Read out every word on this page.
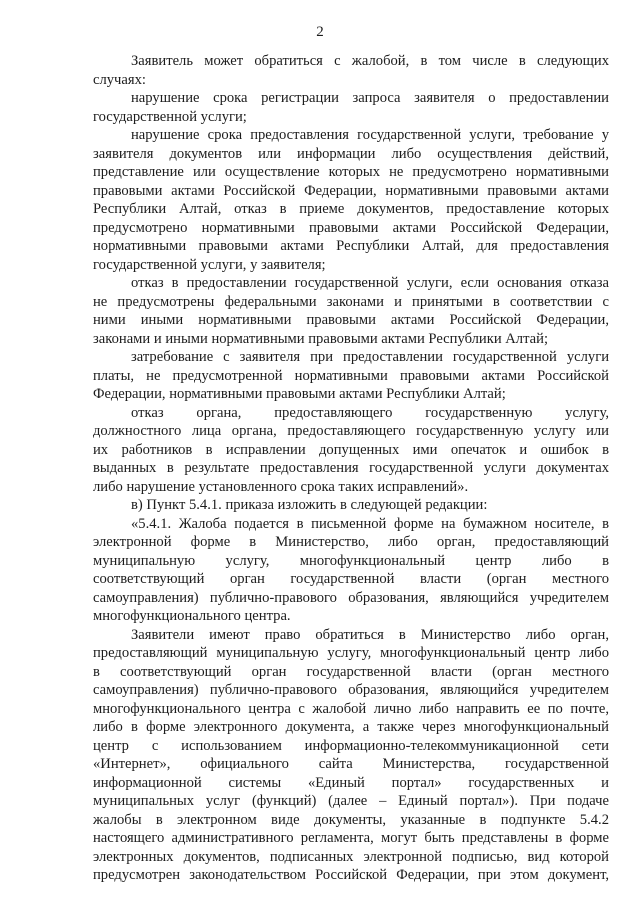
2
Заявитель может обратиться с жалобой, в том числе в следующих
случаях:
нарушение срока регистрации запроса заявителя о предоставлении
государственной услуги;
нарушение срока предоставления государственной услуги, требование у
заявителя документов или информации либо осуществления действий,
представление или осуществление которых не предусмотрено нормативными
правовыми актами Российской Федерации, нормативными правовыми актами
Республики Алтай, отказ в приеме документов, предоставление которых
предусмотрено нормативными правовыми актами Российской Федерации,
нормативными правовыми актами Республики Алтай, для предоставления
государственной услуги, у заявителя;
отказ в предоставлении государственной услуги, если основания отказа
не предусмотрены федеральными законами и принятыми в соответствии с
ними иными нормативными правовыми актами Российской Федерации,
законами и иными нормативными правовыми актами Республики Алтай;
затребование с заявителя при предоставлении государственной услуги
платы, не предусмотренной нормативными правовыми актами Российской
Федерации, нормативными правовыми актами Республики Алтай;
отказ органа, предоставляющего государственную услугу,
должностного лица органа, предоставляющего государственную услугу или
их работников в исправлении допущенных ими опечаток и ошибок в
выданных в результате предоставления государственной услуги документах
либо нарушение установленного срока таких исправлений».
в) Пункт 5.4.1. приказа изложить в следующей редакции:
«5.4.1. Жалоба подается в письменной форме на бумажном носителе, в
электронной форме в Министерство, либо орган, предоставляющий
муниципальную услугу, многофункциональный центр либо в
соответствующий орган государственной власти (орган местного
самоуправления) публично-правового образования, являющийся учредителем
многофункционального центра.
Заявители имеют право обратиться в Министерство либо орган,
предоставляющий муниципальную услугу, многофункциональный центр либо
в соответствующий орган государственной власти (орган местного
самоуправления) публично-правового образования, являющийся учредителем
многофункционального центра с жалобой лично либо направить ее по почте,
либо в форме электронного документа, а также через многофункциональный
центр с использованием информационно-телекоммуникационной сети
«Интернет», официального сайта Министерства, государственной
информационной системы «Единый портал» государственных и
муниципальных услуг (функций) (далее – Единый портал»). При подаче
жалобы в электронном виде документы, указанные в подпункте 5.4.2
настоящего административного регламента, могут быть представлены в форме
электронных документов, подписанных электронной подписью, вид которой
предусмотрен законодательством Российской Федерации, при этом документ,
